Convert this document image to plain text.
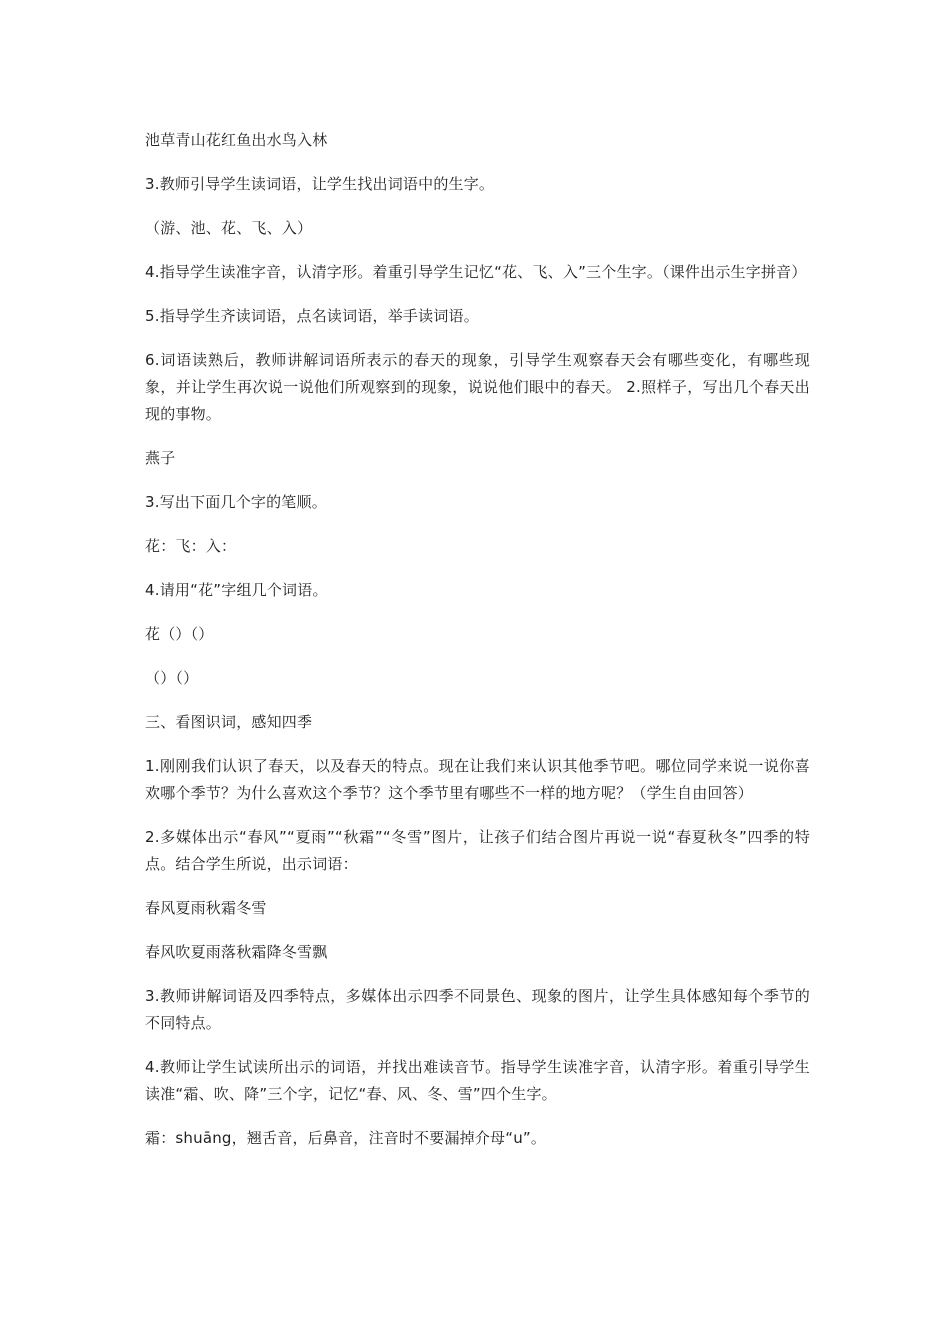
池草青山花红鱼出水鸟入林

3.教师引导学生读词语，让学生找出词语中的生字。

（游、池、花、飞、入）

4.指导学生读准字音，认清字形。着重引导学生记忆“花、飞、入”三个生字。（课件出示生字拼音）

5.指导学生齐读词语，点名读词语，举手读词语。

6.词语读熟后，教师讲解词语所表示的春天的现象，引导学生观察春天会有哪些变化，有哪些现象，并让学生再次说一说他们所观察到的现象，说说他们眼中的春天。 2.照样子，写出几个春天出现的事物。

燕子

3.写出下面几个字的笔顺。

花：飞：入：

4.请用“花”字组几个词语。

花（）（）

（）（）

三、看图识词，感知四季

1.刚刚我们认识了春天，以及春天的特点。现在让我们来认识其他季节吧。哪位同学来说一说你喜欢哪个季节？为什么喜欢这个季节？这个季节里有哪些不一样的地方呢？（学生自由回答）

2.多媒体出示“春风”“夏雨”“秋霜”“冬雪”图片，让孩子们结合图片再说一说“春夏秋冬”四季的特点。结合学生所说，出示词语：

春风夏雨秋霜冬雪

春风吹夏雨落秋霜降冬雪飘

3.教师讲解词语及四季特点，多媒体出示四季不同景色、现象的图片，让学生具体感知每个季节的不同特点。

4.教师让学生试读所出示的词语，并找出难读音节。指导学生读准字音，认清字形。着重引导学生读准“霜、吹、降”三个字，记忆“春、风、冬、雪”四个生字。

霜：shuāng，翘舌音，后鼻音，注音时不要漏掉介母“u”。
